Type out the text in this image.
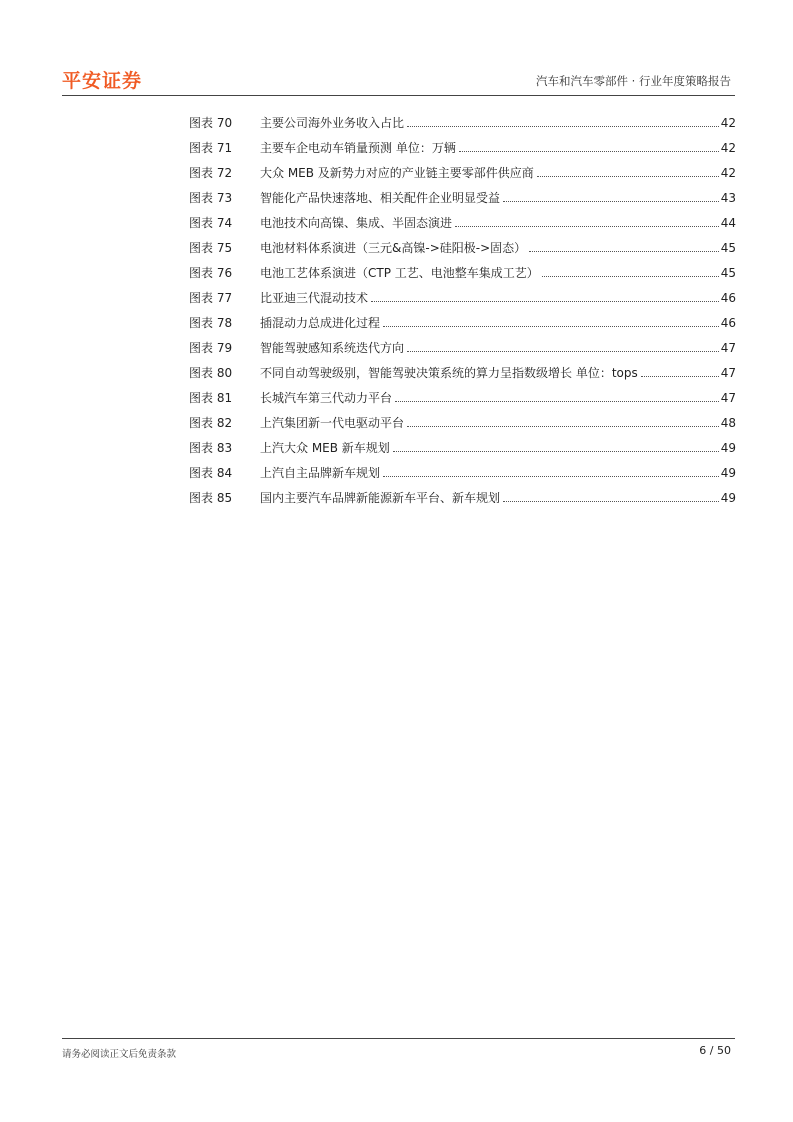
平安证券	汽车和汽车零部件 · 行业年度策略报告
图表 70	主要公司海外业务收入占比	42
图表 71	主要车企电动车销量预测 单位：万辆	42
图表 72	大众 MEB 及新势力对应的产业链主要零部件供应商	42
图表 73	智能化产品快速落地、相关配件企业明显受益	43
图表 74	电池技术向高镍、集成、半固态演进	44
图表 75	电池材料体系演进（三元&高镍->硅阳极->固态）	45
图表 76	电池工艺体系演进（CTP 工艺、电池整车集成工艺）	45
图表 77	比亚迪三代混动技术	46
图表 78	插混动力总成进化过程	46
图表 79	智能驾驶感知系统迭代方向	47
图表 80	不同自动驾驶级别，智能驾驶决策系统的算力呈指数级增长 单位：tops	47
图表 81	长城汽车第三代动力平台	47
图表 82	上汽集团新一代电驱动平台	48
图表 83	上汽大众 MEB 新车规划	49
图表 84	上汽自主品牌新车规划	49
图表 85	国内主要汽车品牌新能源新车平台、新车规划	49
请务必阅读正文后免责条款	6 / 50
